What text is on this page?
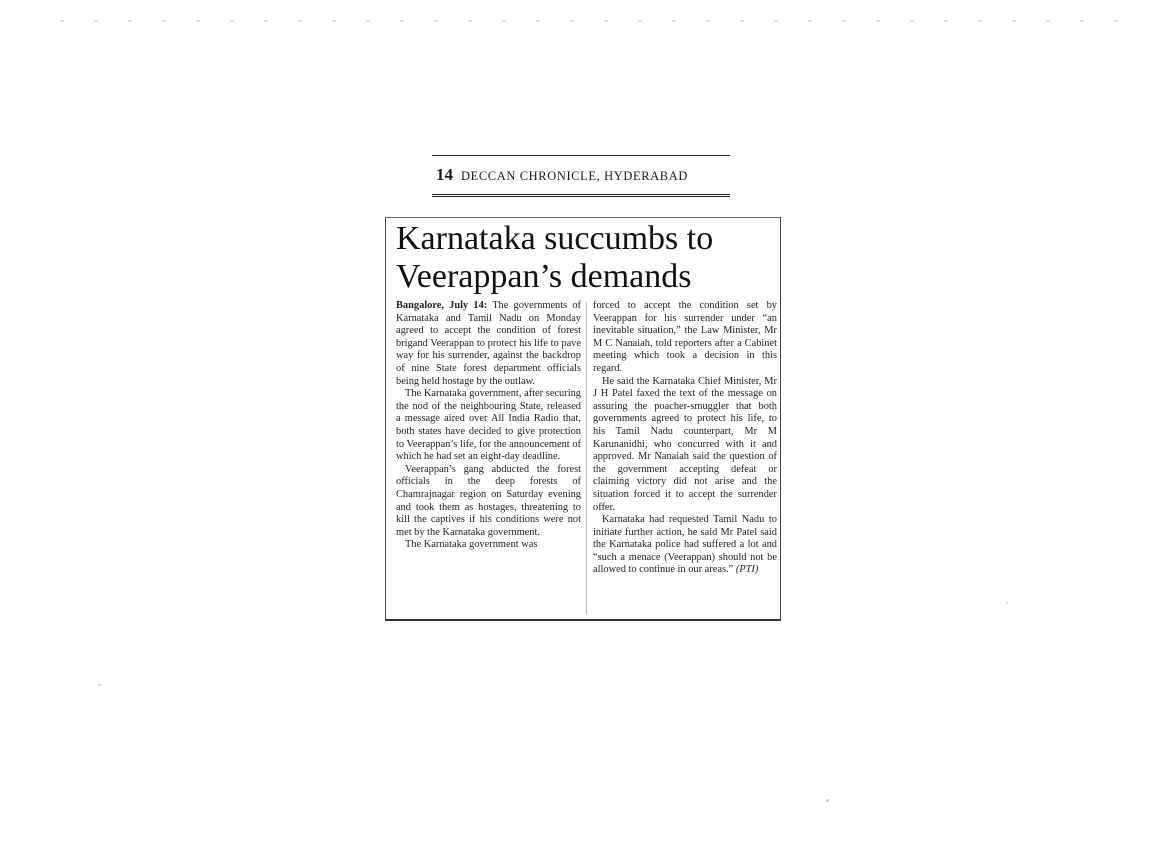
14 DECCAN CHRONICLE, HYDERABAD
Karnataka succumbs to
Veerappan’s demands

Bangalore, July 14: The governments of Karnataka and Tamil Nadu on Monday agreed to accept the condition of forest brigand Veerappan to protect his life to pave way for his surrender, against the backdrop of nine State forest department officials being held hostage by the outlaw.

The Karnataka government, after securing the nod of the neighbouring State, released a message aired over All India Radio that, both states have decided to give protection to Veerappan’s life, for the announcement of which he had set an eight-day deadline.

Veerappan’s gang abducted the forest officials in the deep forests of Chamrajnagar region on Saturday evening and took them as hostages, threatening to kill the captives if his conditions were not met by the Karnataka government.

The Karnataka government was

forced to accept the condition set by Veerappan for his surrender under “an inevitable situation,” the Law Minister, Mr M C Nanaiah, told reporters after a Cabinet meeting which took a decision in this regard.

He said the Karnataka Chief Minister, Mr J H Patel faxed the text of the message on assuring the poacher-smuggler that both governments agreed to protect his life, to his Tamil Nadu counterpart, Mr M Karunanidhi, who concurred with it and approved. Mr Nanaiah said the question of the government accepting defeat or claiming victory did not arise and the situation forced it to accept the surrender offer.

Karnataka had requested Tamil Nadu to initiate further action, he said Mr Patel said the Karnataka police had suffered a lot and “such a menace (Veerappan) should not be allowed to continue in our areas.” (PTI)
